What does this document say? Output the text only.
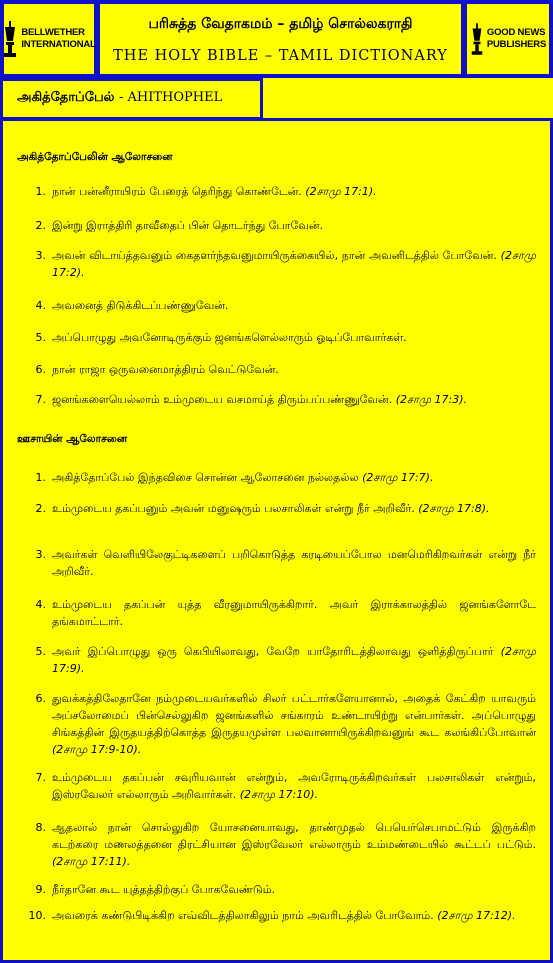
BELLWETHER
INTERNATIONAL
பரிசுத்த வேதாகமம் – தமிழ் சொல்லகராதி
THE HOLY BIBLE – TAMIL DICTIONARY
GOOD NEWS
PUBLISHERS
அகித்தோப்பேல் - AHITHOPHEL
அகித்தோப்பேலின் ஆலோசனை
1. நான் பன்னீராயிரம் பேரைத் தெரிந்து கொண்டேன். (2சாமு 17:1).
2. இன்று இராத்திரி தாவீதைப் பின் தொடர்ந்து போவேன்.
3. அவன் விடாய்த்தவனும் கைதளர்ந்தவனுமாயிருக்கையில், நான் அவனிடத்தில் போவேன். (2சாமு 17:2).
4. அவனைத் திடுக்கிடப்பண்ணுவேன்.
5. அப்பொழுது அவனோடிருக்கும் ஜனங்களெல்லாரும் ஓடிப்போவார்கள்.
6. நான் ராஜா ஒருவனைமாத்திரம் வெட்டுவேன்.
7. ஜனங்களையெல்லாம் உம்முடைய வசமாய்த் திரும்பப்பண்ணுவேன். (2சாமு 17:3).
ஊசாயின் ஆலோசனை
1. அகித்தோப்பேல் இந்தவிசை சொன்ன ஆலோசனை நல்லதல்ல (2சாமு 17:7).
2. உம்முடைய தகப்பனும் அவன் மனுஷரும் பலசாலிகள் என்று நீர் அறிவீர். (2சாமு 17:8).
3. அவர்கள் வெளியிலேகுட்டிகளைப் பறிகொடுத்த கரடியைப்போல மனமெரிகிறவர்கள் என்று நீர் அறிவீர்.
4. உம்முடைய தகப்பன் யுத்த வீரனுமாயிருக்கிறார். அவர் இராக்காலத்தில் ஜனங்களோடே தங்கமாட்டார்.
5. அவர் இப்பொழுது ஒரு கெபியிலாவது, வேறே யாதோரிடத்திலாவது ஒளித்திருப்பார் (2சாமு 17:9).
6. துவக்கத்திலேதானே நம்முடையவர்களில் சிலர் பட்டார்களேயானால், அதைக் கேட்கிற யாவரும் அப்சலோமைப் பின்செல்லுகிற ஜனங்களில் சங்காரம் உண்டாயிற்று என்பார்கள். அப்பொழுது சிங்கத்தின் இருதயத்திற்கொத்த இருதயமுள்ள பலவானாயிருக்கிறவனுங் கூட கலங்கிப்போவான் (2சாமு 17:9-10).
7. உம்முடைய தகப்பன் சவுரியவான் என்றும், அவரோடிருக்கிறவர்கள் பலசாலிகள் என்றும், இஸ்ரவேலர் எல்லாரும் அறிவார்கள். (2சாமு 17:10).
8. ஆதலால் நான் சொல்லுகிற யோசனையாவது, தாண்முதல் பெயெர்செபாமட்டும் இருக்கிற கடற்கரை மணலத்தனை திரட்சியான இஸ்ரவேலர் எல்லாரும் உம்மண்டையில் கூட்டப் பட்டும். (2சாமு 17:11).
9. நீர்தானே கூட யுத்தத்திற்குப் போகவேண்டும்.
10. அவரைக் கண்டுபிடிக்கிற எவ்விடத்திலாகிலும் நாம் அவரிடத்தில் போவோம். (2சாமு 17:12).
